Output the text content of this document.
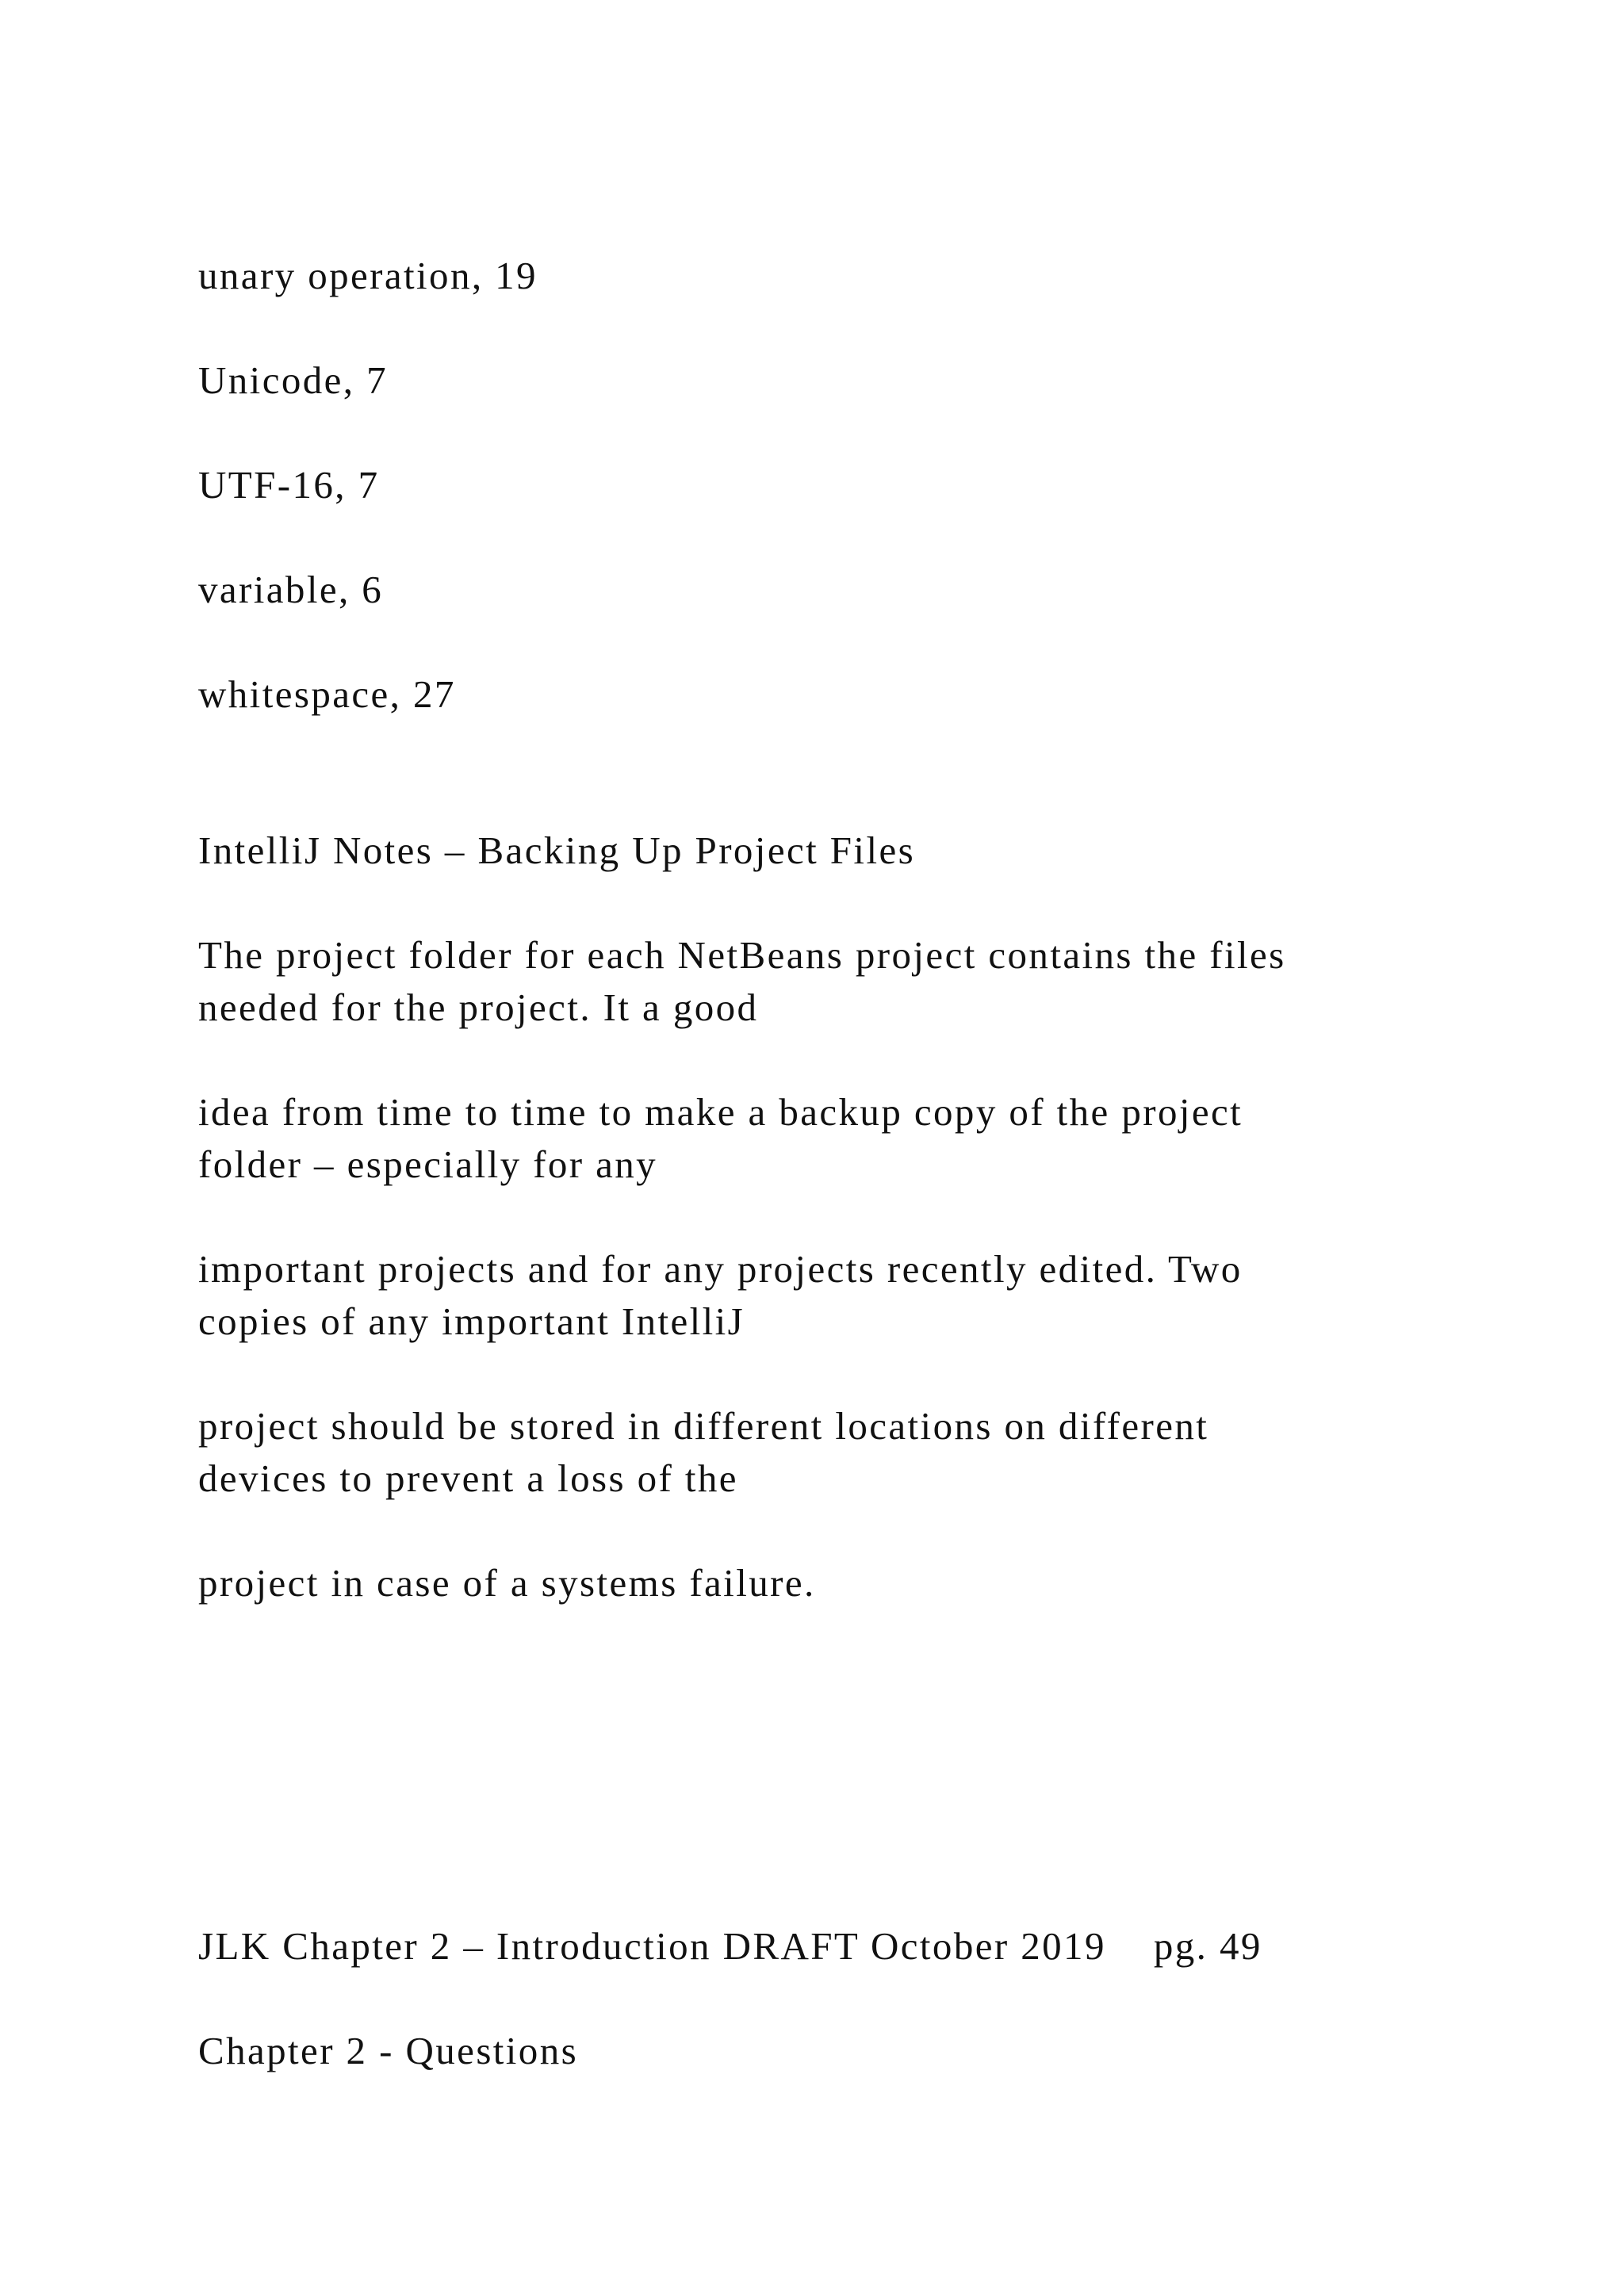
unary operation, 19

Unicode, 7

UTF-16, 7

variable, 6

whitespace, 27

IntelliJ Notes – Backing Up Project Files

The project folder for each NetBeans project contains the files
needed for the project. It a good
idea from time to time to make a backup copy of the project
folder – especially for any
important projects and for any projects recently edited. Two
copies of any important IntelliJ
project should be stored in different locations on different
devices to prevent a loss of the
project in case of a systems failure.

JLK Chapter 2 – Introduction DRAFT October 2019 pg. 49

Chapter 2 - Questions
